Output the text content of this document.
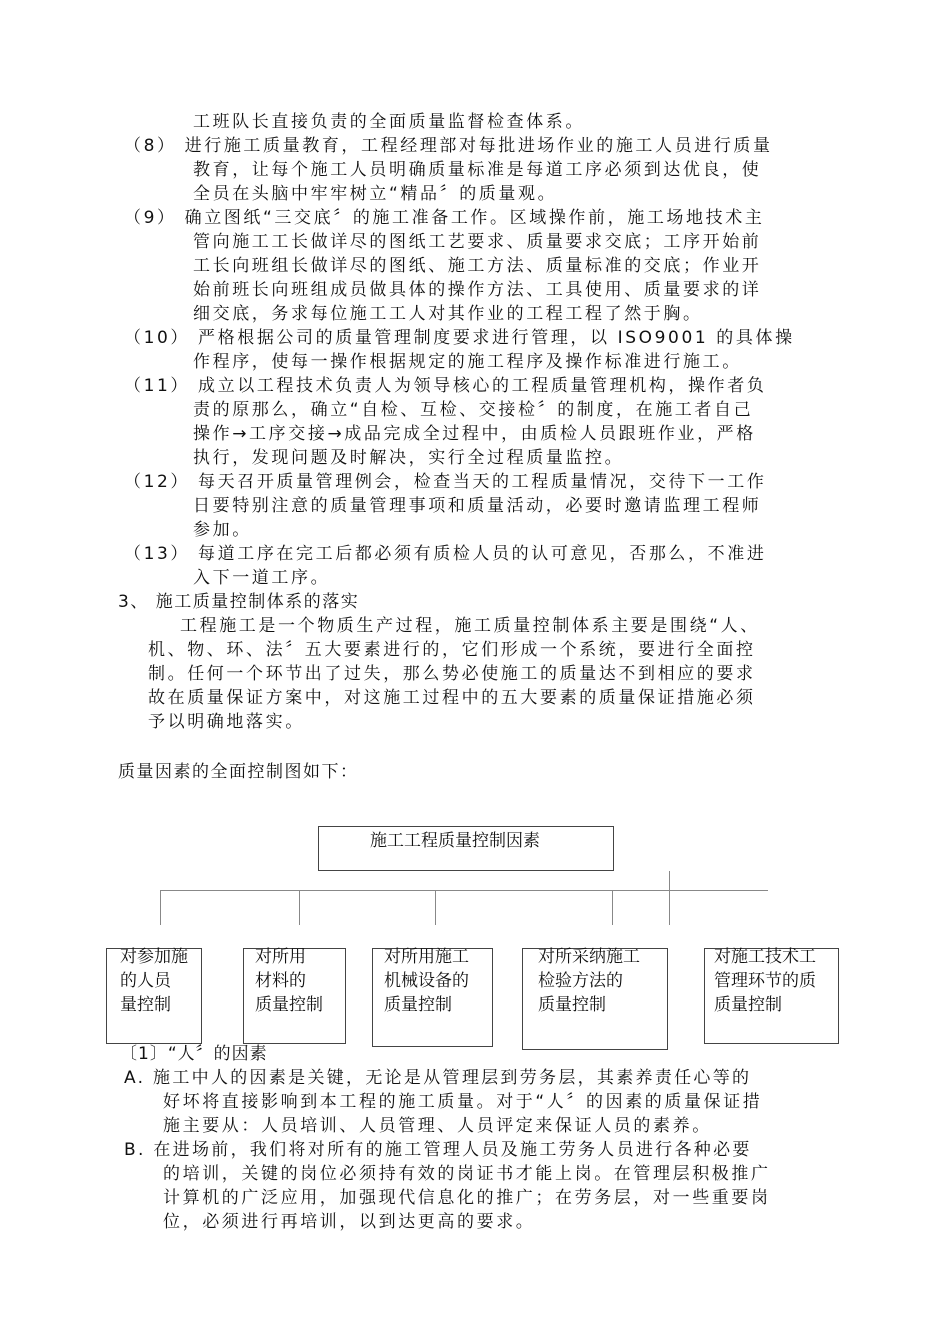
工班队长直接负责的全面质量监督检查体系。
（8） 进行施工质量教育，工程经理部对每批进场作业的施工人员进行质量
教育，让每个施工人员明确质量标准是每道工序必须到达优良，使
全员在头脑中牢牢树立“精品〞的质量观。
（9） 确立图纸“三交底〞的施工准备工作。区域操作前，施工场地技术主
管向施工工长做详尽的图纸工艺要求、质量要求交底；工序开始前
工长向班组长做详尽的图纸、施工方法、质量标准的交底；作业开
始前班长向班组成员做具体的操作方法、工具使用、质量要求的详
细交底，务求每位施工工人对其作业的工程工程了然于胸。
（10） 严格根据公司的质量管理制度要求进行管理，以 ISO9001 的具体操
作程序，使每一操作根据规定的施工程序及操作标准进行施工。
（11） 成立以工程技术负责人为领导核心的工程质量管理机构，操作者负
责的原那么，确立“自检、互检、交接检〞的制度，在施工者自己
操作→工序交接→成品完成全过程中，由质检人员跟班作业，严格
执行，发现问题及时解决，实行全过程质量监控。
（12） 每天召开质量管理例会，检查当天的工程质量情况，交待下一工作
日要特别注意的质量管理事项和质量活动，必要时邀请监理工程师
参加。
（13） 每道工序在完工后都必须有质检人员的认可意见，否那么，不准进
入下一道工序。
3、 施工质量控制体系的落实
工程施工是一个物质生产过程，施工质量控制体系主要是围绕“人、
机、物、环、法〞五大要素进行的，它们形成一个系统，要进行全面控
制。任何一个环节出了过失，那么势必使施工的质量达不到相应的要求
故在质量保证方案中，对这施工过程中的五大要素的质量保证措施必须
予以明确地落实。
质量因素的全面控制图如下：
施工工程质量控制因素
对参加施
的人员
量控制
对所用
材料的
质量控制
对所用施工
机械设备的
质量控制
对所采纳施工
检验方法的
质量控制
对施工技术工
管理环节的质
质量控制
〔1〕“人〞的因素
A. 施工中人的因素是关键，无论是从管理层到劳务层，其素养责任心等的
好坏将直接影响到本工程的施工质量。对于“人〞的因素的质量保证措
施主要从：人员培训、人员管理、人员评定来保证人员的素养。
B. 在进场前，我们将对所有的施工管理人员及施工劳务人员进行各种必要
的培训，关键的岗位必须持有效的岗证书才能上岗。在管理层积极推广
计算机的广泛应用，加强现代信息化的推广；在劳务层，对一些重要岗
位，必须进行再培训，以到达更高的要求。
